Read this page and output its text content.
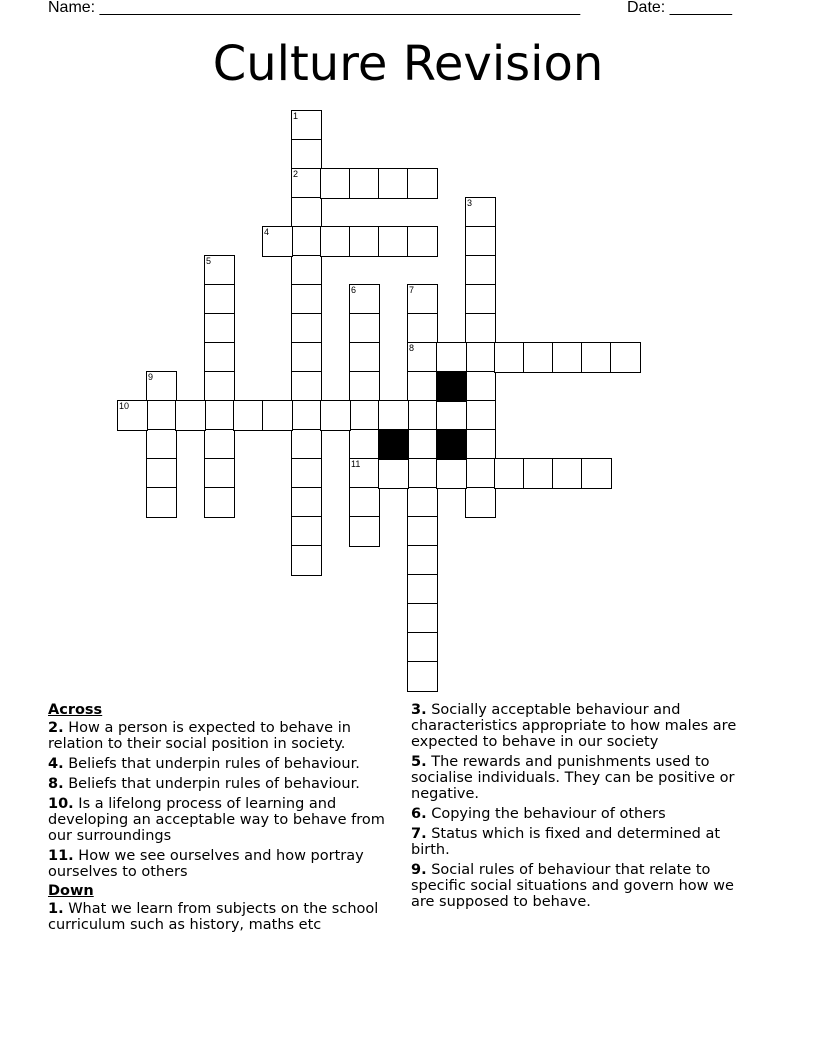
Name: ______________________________________________________	Date: _______
Culture Revision
1
2
3
4
5
6	7
8
9
10
11
Across
2. How a person is expected to behave in relation to their social position in society.
4. Beliefs that underpin rules of behaviour.
8. Beliefs that underpin rules of behaviour.
10. Is a lifelong process of learning and developing an acceptable way to behave from our surroundings
11. How we see ourselves and how portray ourselves to others
Down
1. What we learn from subjects on the school curriculum such as history, maths etc
3. Socially acceptable behaviour and characteristics appropriate to how males are expected to behave in our society
5. The rewards and punishments used to socialise individuals. They can be positive or negative.
6. Copying the behaviour of others
7. Status which is fixed and determined at birth.
9. Social rules of behaviour that relate to specific social situations and govern how we are supposed to behave.
